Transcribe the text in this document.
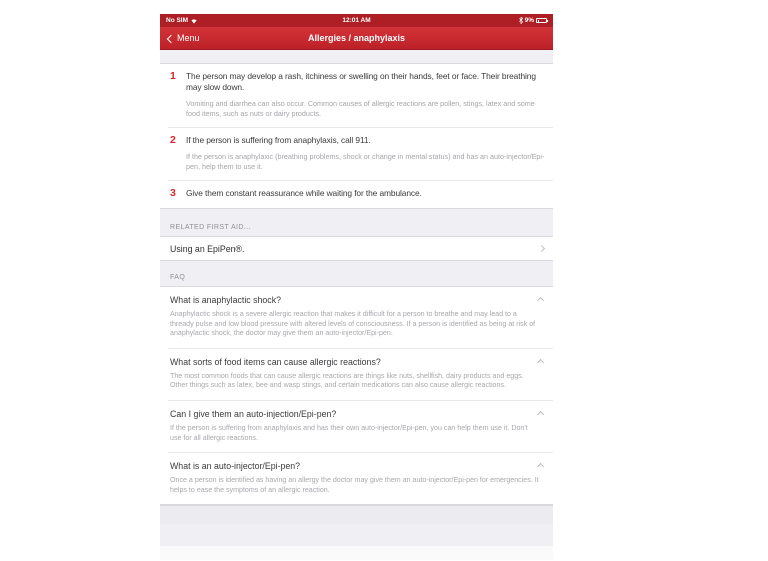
No SIM	12:01 AM	9%
Menu	Allergies / anaphylaxis
1	The person may develop a rash, itchiness or swelling on their hands, feet or face. Their breathing may slow down.
Vomiting and diarrhea can also occur. Common causes of allergic reactions are pollen, stings, latex and some food items, such as nuts or dairy products.
2	If the person is suffering from anaphylaxis, call 911.
If the person is anaphylaxic (breathing problems, shock or change in mental status) and has an auto-injector/Epi-pen, help them to use it.
3	Give them constant reassurance while waiting for the ambulance.
RELATED FIRST AID...
Using an EpiPen®.
FAQ
What is anaphylactic shock?
Anaphylactic shock is a severe allergic reaction that makes it difficult for a person to breathe and may lead to a thready pulse and low blood pressure with altered levels of consciousness. If a person is identified as being at risk of anaphylactic shock, the doctor may give them an auto-injector/Epi-pen.
What sorts of food items can cause allergic reactions?
The most common foods that can cause allergic reactions are things like nuts, shellfish, dairy products and eggs. Other things such as latex, bee and wasp stings, and certain medications can also cause allergic reactions.
Can I give them an auto-injection/Epi-pen?
If the person is suffering from anaphylaxis and has their own auto-injector/Epi-pen, you can help them use it. Don't use for all allergic reactions.
What is an auto-injector/Epi-pen?
Once a person is identified as having an allergy the doctor may give them an auto-injector/Epi-pen for emergencies. It helps to ease the symptoms of an allergic reaction.
